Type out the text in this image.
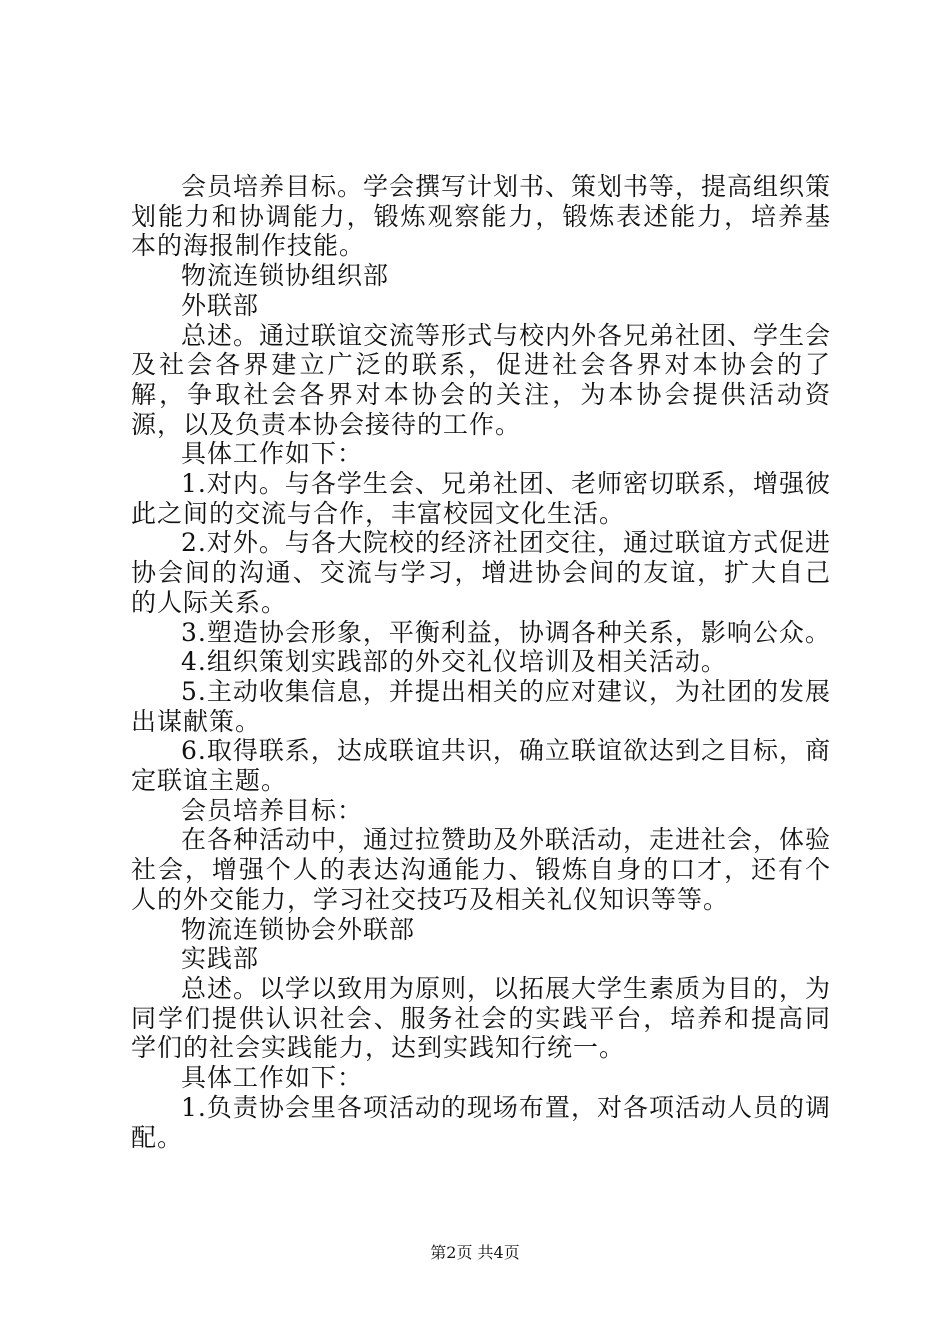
会员培养目标。学会撰写计划书、策划书等，提高组织策划能力和协调能力，锻炼观察能力，锻炼表述能力，培养基本的海报制作技能。

物流连锁协组织部

外联部

总述。通过联谊交流等形式与校内外各兄弟社团、学生会及社会各界建立广泛的联系，促进社会各界对本协会的了解，争取社会各界对本协会的关注，为本协会提供活动资源，以及负责本协会接待的工作。

具体工作如下：

1.对内。与各学生会、兄弟社团、老师密切联系，增强彼此之间的交流与合作，丰富校园文化生活。

2.对外。与各大院校的经济社团交往，通过联谊方式促进协会间的沟通、交流与学习，增进协会间的友谊，扩大自己的人际关系。

3.塑造协会形象，平衡利益，协调各种关系，影响公众。

4.组织策划实践部的外交礼仪培训及相关活动。

5.主动收集信息，并提出相关的应对建议，为社团的发展出谋献策。

6.取得联系，达成联谊共识，确立联谊欲达到之目标，商定联谊主题。

会员培养目标：

在各种活动中，通过拉赞助及外联活动，走进社会，体验社会，增强个人的表达沟通能力、锻炼自身的口才，还有个人的外交能力，学习社交技巧及相关礼仪知识等等。

物流连锁协会外联部

实践部

总述。以学以致用为原则，以拓展大学生素质为目的，为同学们提供认识社会、服务社会的实践平台，培养和提高同学们的社会实践能力，达到实践知行统一。

具体工作如下：

1.负责协会里各项活动的现场布置，对各项活动人员的调配。

第2页 共4页
